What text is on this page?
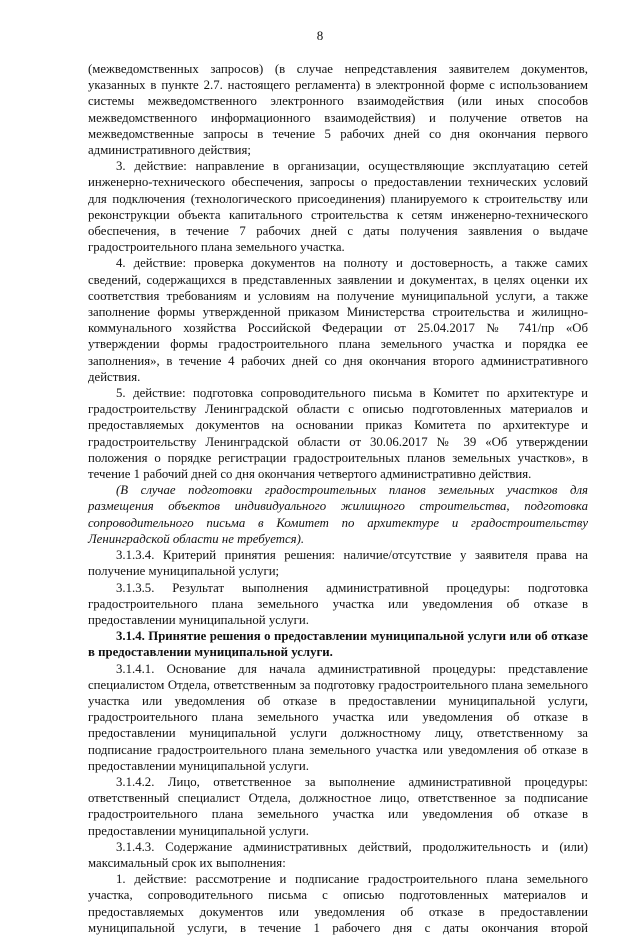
8

(межведомственных запросов) (в случае непредставления заявителем документов, указанных в пункте 2.7. настоящего регламента) в электронной форме с использованием системы межведомственного электронного взаимодействия (или иных способов межведомственного информационного взаимодействия) и получение ответов на межведомственные запросы в течение 5 рабочих дней со дня окончания первого административного действия;

3. действие: направление в организации, осуществляющие эксплуатацию сетей инженерно-технического обеспечения, запросы о предоставлении технических условий для подключения (технологического присоединения) планируемого к строительству или реконструкции объекта капитального строительства к сетям инженерно-технического обеспечения, в течение 7 рабочих дней с даты получения заявления о выдаче градостроительного плана земельного участка.

4. действие: проверка документов на полноту и достоверность, а также самих сведений, содержащихся в представленных заявлении и документах, в целях оценки их соответствия требованиям и условиям на получение муниципальной услуги, а также заполнение формы утвержденной приказом Министерства строительства и жилищно-коммунального хозяйства Российской Федерации от 25.04.2017 № 741/пр «Об утверждении формы градостроительного плана земельного участка и порядка ее заполнения», в течение 4 рабочих дней со дня окончания второго административного действия.

5. действие: подготовка сопроводительного письма в Комитет по архитектуре и градостроительству Ленинградской области с описью подготовленных материалов и предоставляемых документов на основании приказ Комитета по архитектуре и градостроительству Ленинградской области от 30.06.2017 № 39 «Об утверждении положения о порядке регистрации градостроительных планов земельных участков», в течение 1 рабочий дней со дня окончания четвертого административно действия.

(В случае подготовки градостроительных планов земельных участков для размещения объектов индивидуального жилищного строительства, подготовка сопроводительного письма в Комитет по архитектуре и градостроительству Ленинградской области не требуется).

3.1.3.4. Критерий принятия решения: наличие/отсутствие у заявителя права на получение муниципальной услуги;

3.1.3.5. Результат выполнения административной процедуры: подготовка градостроительного плана земельного участка или уведомления об отказе в предоставлении муниципальной услуги.

3.1.4. Принятие решения о предоставлении муниципальной услуги или об отказе в предоставлении муниципальной услуги.

3.1.4.1. Основание для начала административной процедуры: представление специалистом Отдела, ответственным за подготовку градостроительного плана земельного участка или уведомления об отказе в предоставлении муниципальной услуги, градостроительного плана земельного участка или уведомления об отказе в предоставлении муниципальной услуги должностному лицу, ответственному за подписание градостроительного плана земельного участка или уведомления об отказе в предоставлении муниципальной услуги.

3.1.4.2. Лицо, ответственное за выполнение административной процедуры: ответственный специалист Отдела, должностное лицо, ответственное за подписание градостроительного плана земельного участка или уведомления об отказе в предоставлении муниципальной услуги.

3.1.4.3. Содержание административных действий, продолжительность и (или) максимальный срок их выполнения:

1. действие: рассмотрение и подписание градостроительного плана земельного участка, сопроводительного письма с описью подготовленных материалов и предоставляемых документов или уведомления об отказе в предоставлении муниципальной услуги, в течение 1 рабочего дня с даты окончания второй
